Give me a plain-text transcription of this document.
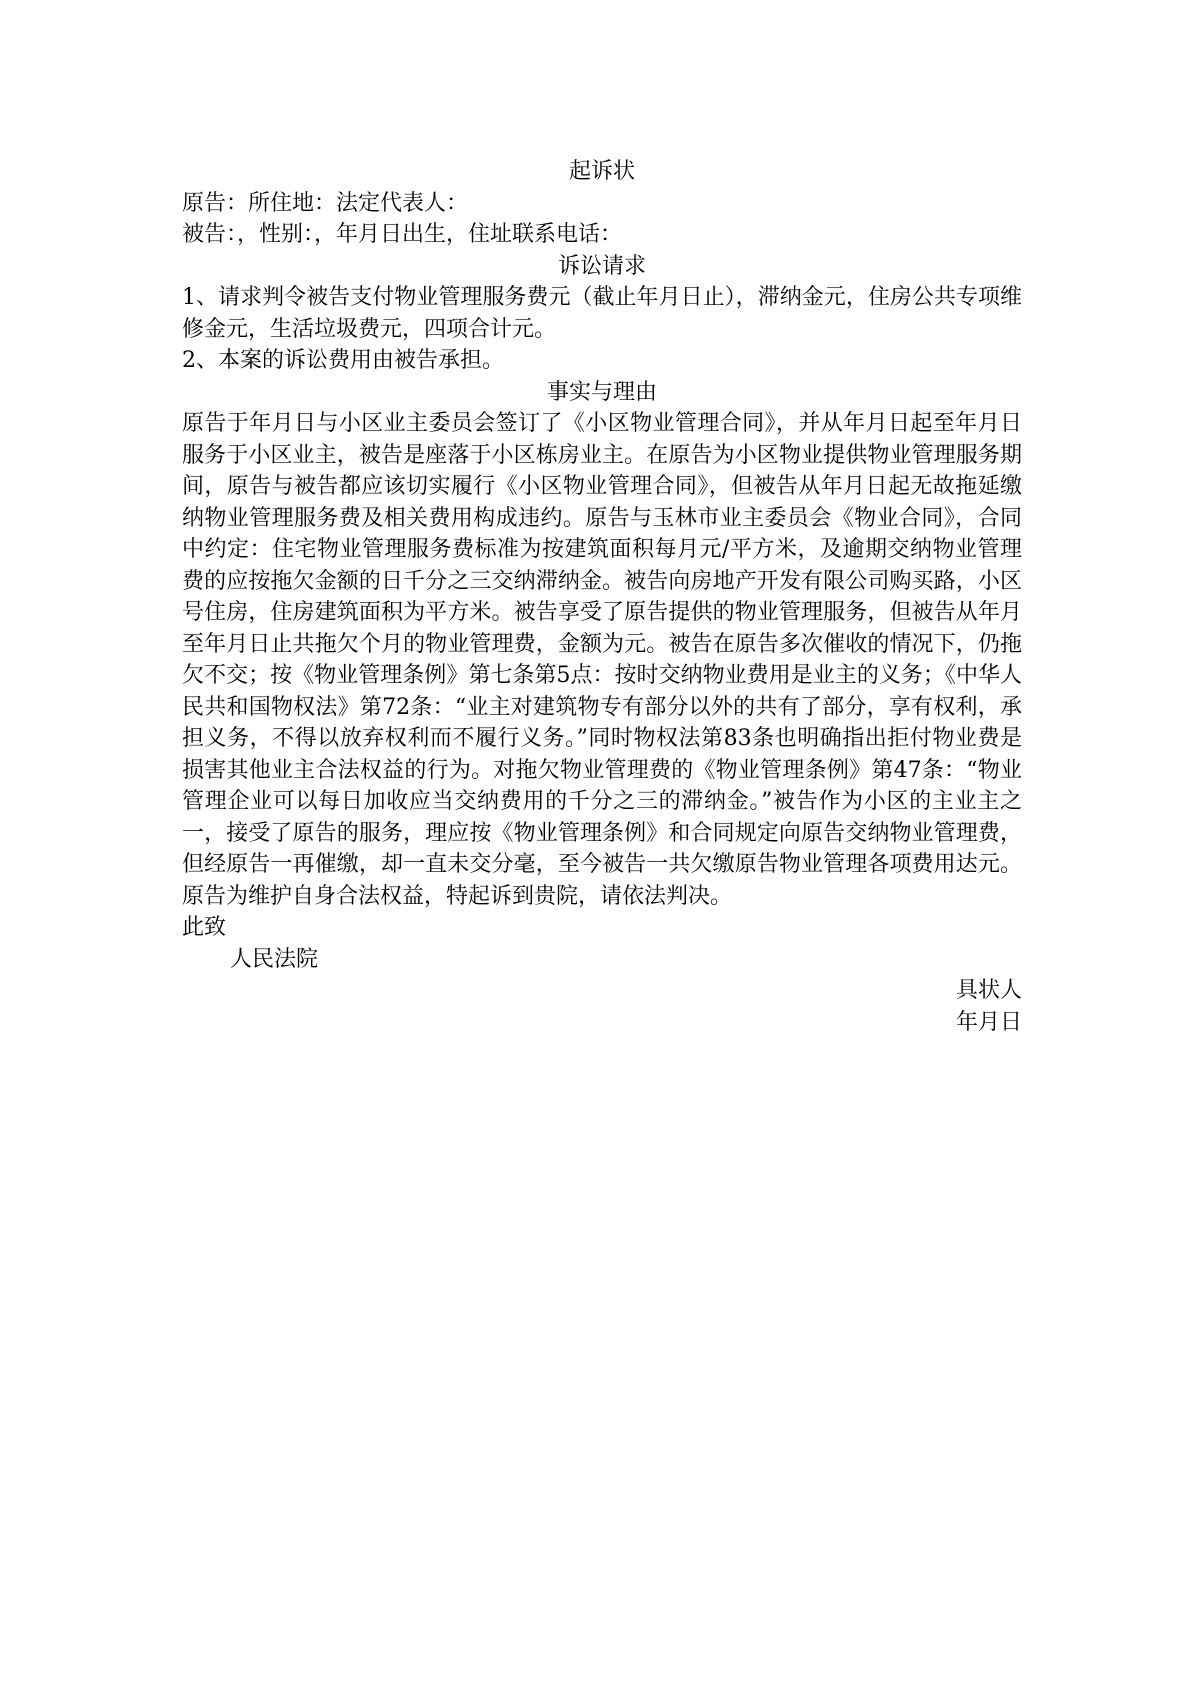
起诉状
原告：所住地：法定代表人：
被告：，性别：，年月日出生，住址联系电话：
诉讼请求
1、请求判令被告支付物业管理服务费元（截止年月日止），滞纳金元，住房公共专项维修金元，生活垃圾费元，四项合计元。
2、本案的诉讼费用由被告承担。
事实与理由
原告于年月日与小区业主委员会签订了《小区物业管理合同》，并从年月日起至年月日服务于小区业主，被告是座落于小区栋房业主。在原告为小区物业提供物业管理服务期间，原告与被告都应该切实履行《小区物业管理合同》，但被告从年月日起无故拖延缴纳物业管理服务费及相关费用构成违约。原告与玉林市业主委员会《物业合同》，合同中约定：住宅物业管理服务费标准为按建筑面积每月元/平方米，及逾期交纳物业管理费的应按拖欠金额的日千分之三交纳滞纳金。被告向房地产开发有限公司购买路，小区号住房，住房建筑面积为平方米。被告享受了原告提供的物业管理服务，但被告从年月至年月日止共拖欠个月的物业管理费，金额为元。被告在原告多次催收的情况下，仍拖欠不交；按《物业管理条例》第七条第5点：按时交纳物业费用是业主的义务；《中华人民共和国物权法》第72条：“业主对建筑物专有部分以外的共有了部分，享有权利，承担义务，不得以放弃权利而不履行义务。”同时物权法第83条也明确指出拒付物业费是损害其他业主合法权益的行为。对拖欠物业管理费的《物业管理条例》第47条：“物业管理企业可以每日加收应当交纳费用的千分之三的滞纳金。”被告作为小区的主业主之一，接受了原告的服务，理应按《物业管理条例》和合同规定向原告交纳物业管理费，但经原告一再催缴，却一直未交分毫，至今被告一共欠缴原告物业管理各项费用达元。原告为维护自身合法权益，特起诉到贵院，请依法判决。
此致
人民法院
具状人
年月日
